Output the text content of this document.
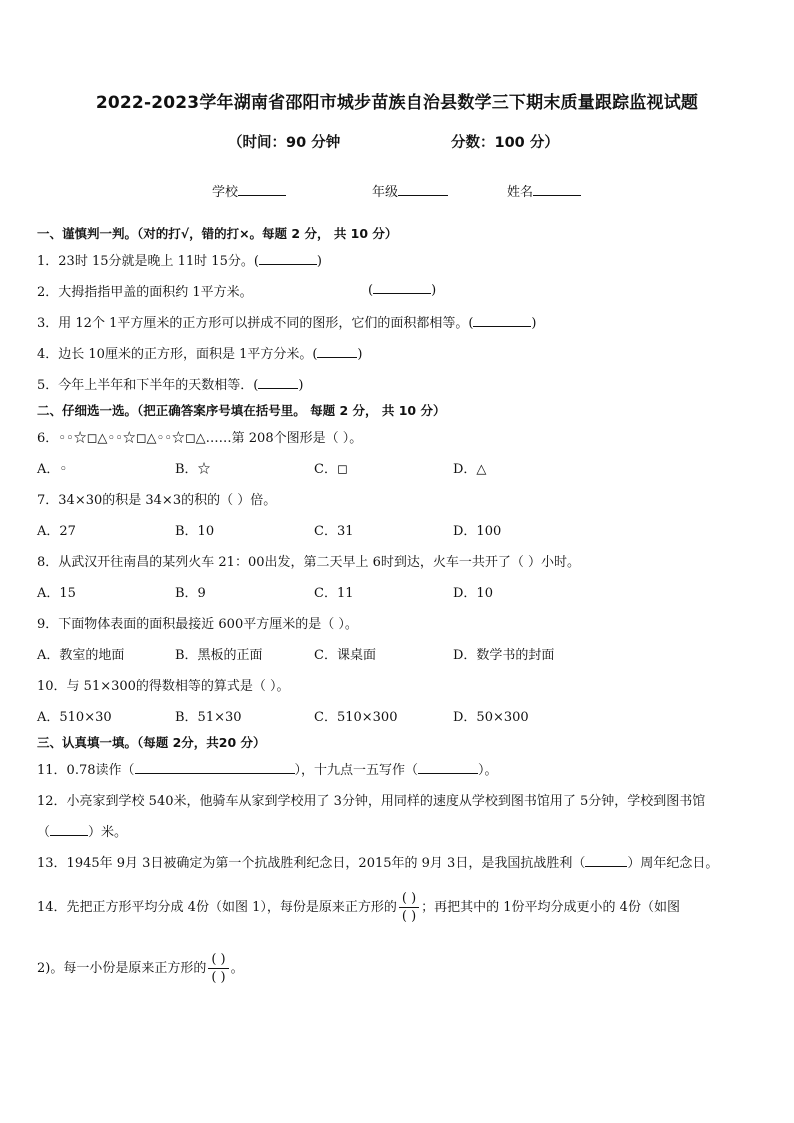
2022-2023学年湖南省邵阳市城步苗族自治县数学三下期末质量跟踪监视试题
（时间：90 分钟	分数：100 分）
学校	年级	姓名
一、谨慎判一判。（对的打√，错的打×。每题 2 分， 共 10 分）
1．23时 15分就是晚上 11时 15分。(	)
2．大拇指指甲盖的面积约 1平方米。	(	)
3．用 12个 1平方厘米的正方形可以拼成不同的图形，它们的面积都相等。(	)
4．边长 10厘米的正方形，面积是 1平方分米。(	)
5．今年上半年和下半年的天数相等．(	)
二、仔细选一选。（把正确答案序号填在括号里。 每题 2 分， 共 10 分）
6．◦◦☆◻△◦◦☆◻△◦◦☆◻△……第 208个图形是（ ）。
A．◦	B．☆	C．◻	D．△
7．34×30的积是 34×3的积的（ ）倍。
A．27	B．10	C．31	D．100
8．从武汉开往南昌的某列火车 21：00出发，第二天早上 6时到达，火车一共开了（ ）小时。
A．15	B．9	C．11	D．10
9．下面物体表面的面积最接近 600平方厘米的是（ ）。
A．教室的地面	B．黑板的正面	C．课桌面	D．数学书的封面
10．与 51×300的得数相等的算式是（ ）。
A．510×30	B．51×30	C．510×300	D．50×300
三、认真填一填。（每题 2分，共20 分）
11．0.78读作（	），十九点一五写作（	）。
12．小亮家到学校 540米，他骑车从家到学校用了 3分钟，用同样的速度从学校到图书馆用了 5分钟，学校到图书馆
（	）米。
13．1945年 9月 3日被确定为第一个抗战胜利纪念日，2015年的 9月 3日，是我国抗战胜利（	）周年纪念日。
14．先把正方形平均分成 4份（如图 1），每份是原来正方形的 $\frac{( )}{( )}$ ；再把其中的 1份平均分成更小的 4份（如图
2)。每一小份是原来正方形的 $\frac{( )}{( )}$ 。
